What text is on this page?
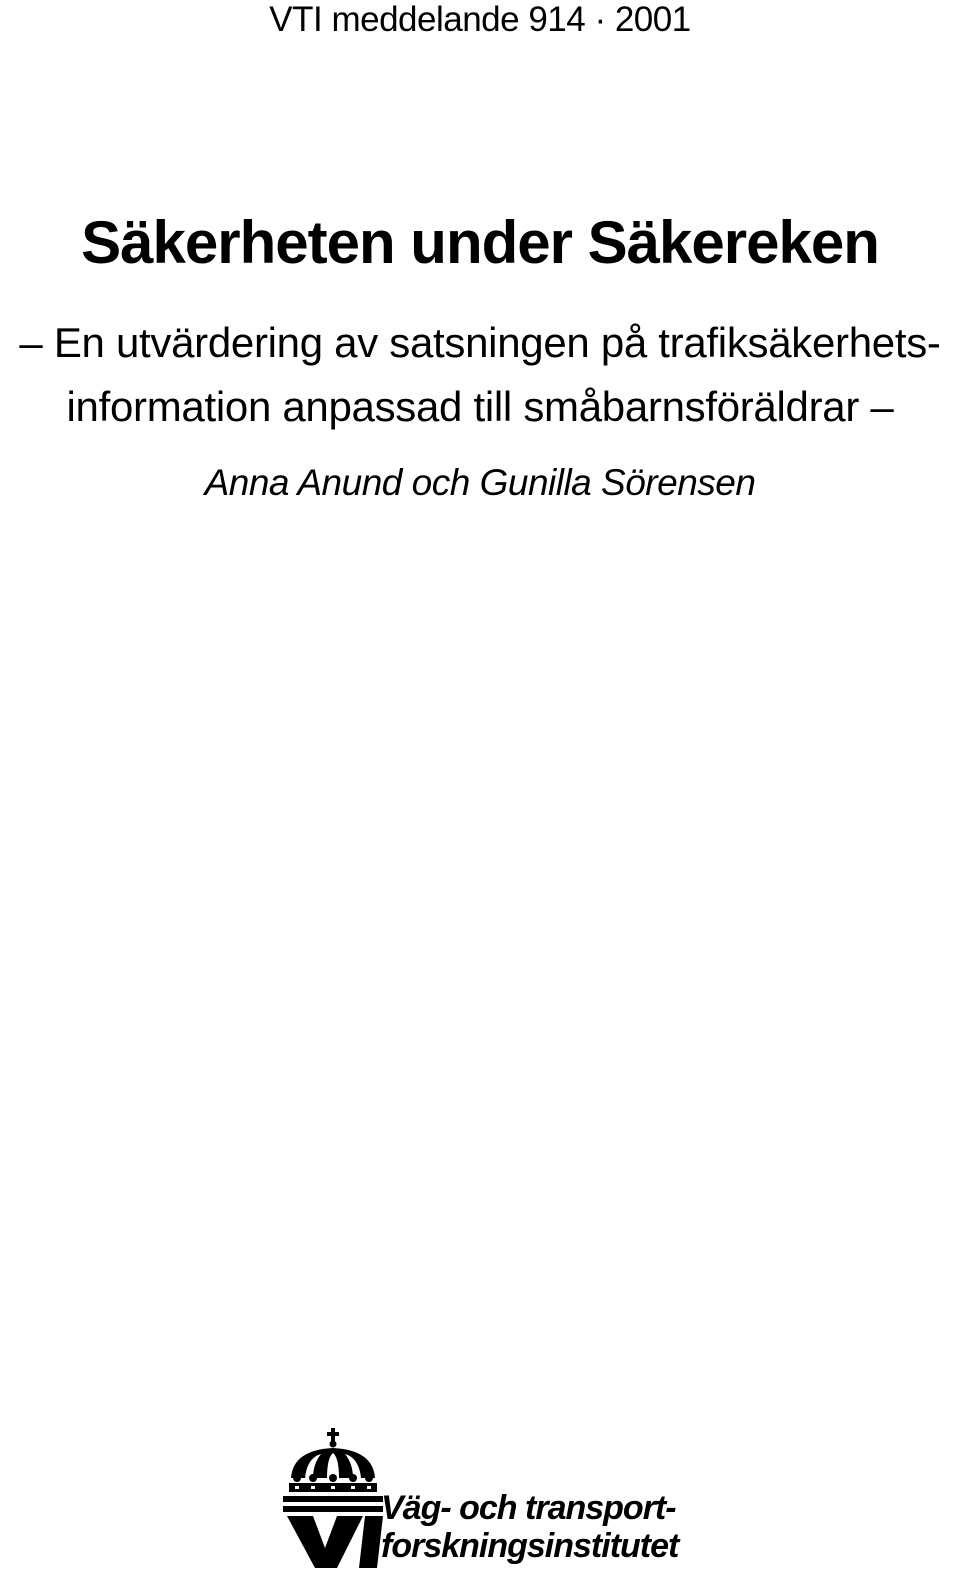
VTI meddelande 914 · 2001
Säkerheten under Säkereken
– En utvärdering av satsningen på trafiksäkerhets-
information anpassad till småbarnsföräldrar –
Anna Anund och Gunilla Sörensen
Väg- och transport-
forskningsinstitutet
